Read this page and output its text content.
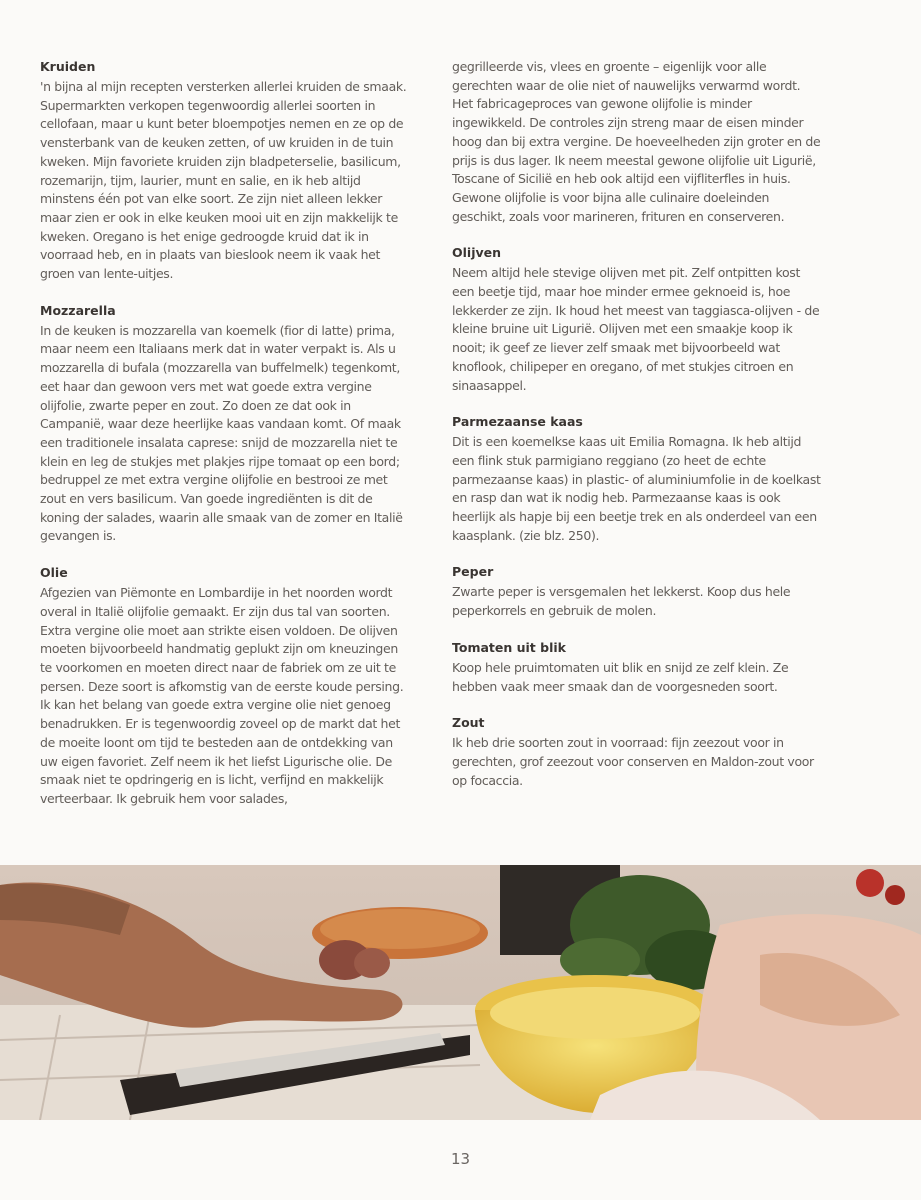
Kruiden

'n bijna al mijn recepten versterken allerlei kruiden de smaak. Supermarkten verkopen tegenwoordig allerlei soorten in cellofaan, maar u kunt beter bloempotjes nemen en ze op de vensterbank van de keuken zetten, of uw kruiden in de tuin kweken. Mijn favoriete kruiden zijn bladpeterselie, basilicum, rozemarijn, tijm, laurier, munt en salie, en ik heb altijd minstens één pot van elke soort. Ze zijn niet alleen lekker maar zien er ook in elke keuken mooi uit en zijn makkelijk te kweken. Oregano is het enige gedroogde kruid dat ik in voorraad heb, en in plaats van bieslook neem ik vaak het groen van lente-uitjes.

Mozzarella

In de keuken is mozzarella van koemelk (fior di latte) prima, maar neem een Italiaans merk dat in water verpakt is. Als u mozzarella di bufala (mozzarella van buffelmelk) tegenkomt, eet haar dan gewoon vers met wat goede extra vergine olijfolie, zwarte peper en zout. Zo doen ze dat ook in Campanië, waar deze heerlijke kaas vandaan komt. Of maak een traditionele insalata caprese: snijd de mozzarella niet te klein en leg de stukjes met plakjes rijpe tomaat op een bord; bedruppel ze met extra vergine olijfolie en bestrooi ze met zout en vers basilicum. Van goede ingrediënten is dit de koning der salades, waarin alle smaak van de zomer en Italië gevangen is.

Olie

Afgezien van Piëmonte en Lombardije in het noorden wordt overal in Italië olijfolie gemaakt. Er zijn dus tal van soorten. Extra vergine olie moet aan strikte eisen voldoen. De olijven moeten bijvoorbeeld handmatig geplukt zijn om kneuzingen te voorkomen en moeten direct naar de fabriek om ze uit te persen. Deze soort is afkomstig van de eerste koude persing.

Ik kan het belang van goede extra vergine olie niet genoeg benadrukken. Er is tegenwoordig zoveel op de markt dat het de moeite loont om tijd te besteden aan de ontdekking van uw eigen favoriet. Zelf neem ik het liefst Ligurische olie. De smaak niet te opdringerig en is licht, verfijnd en makkelijk verteerbaar. Ik gebruik hem voor salades,

gegrilleerde vis, vlees en groente – eigenlijk voor alle gerechten waar de olie niet of nauwelijks verwarmd wordt. Het fabricageproces van gewone olijfolie is minder ingewikkeld. De controles zijn streng maar de eisen minder hoog dan bij extra vergine. De hoeveelheden zijn groter en de prijs is dus lager. Ik neem meestal gewone olijfolie uit Ligurië, Toscane of Sicilië en heb ook altijd een vijfliterfles in huis. Gewone olijfolie is voor bijna alle culinaire doeleinden geschikt, zoals voor marineren, frituren en conserveren.

Olijven

Neem altijd hele stevige olijven met pit. Zelf ontpitten kost een beetje tijd, maar hoe minder ermee geknoeid is, hoe lekkerder ze zijn. Ik houd het meest van taggiasca-olijven - de kleine bruine uit Ligurië. Olijven met een smaakje koop ik nooit; ik geef ze liever zelf smaak met bijvoorbeeld wat knoflook, chilipeper en oregano, of met stukjes citroen en sinaasappel.

Parmezaanse kaas

Dit is een koemelkse kaas uit Emilia Romagna. Ik heb altijd een flink stuk parmigiano reggiano (zo heet de echte parmezaanse kaas) in plastic- of aluminiumfolie in de koelkast en rasp dan wat ik nodig heb. Parmezaanse kaas is ook heerlijk als hapje bij een beetje trek en als onderdeel van een kaasplank. (zie blz. 250).

Peper

Zwarte peper is versgemalen het lekkerst. Koop dus hele peperkorrels en gebruik de molen.

Tomaten uit blik

Koop hele pruimtomaten uit blik en snijd ze zelf klein. Ze hebben vaak meer smaak dan de voorgesneden soort.

Zout

Ik heb drie soorten zout in voorraad: fijn zeezout voor in gerechten, grof zeezout voor conserven en Maldon-zout voor op focaccia.

13
